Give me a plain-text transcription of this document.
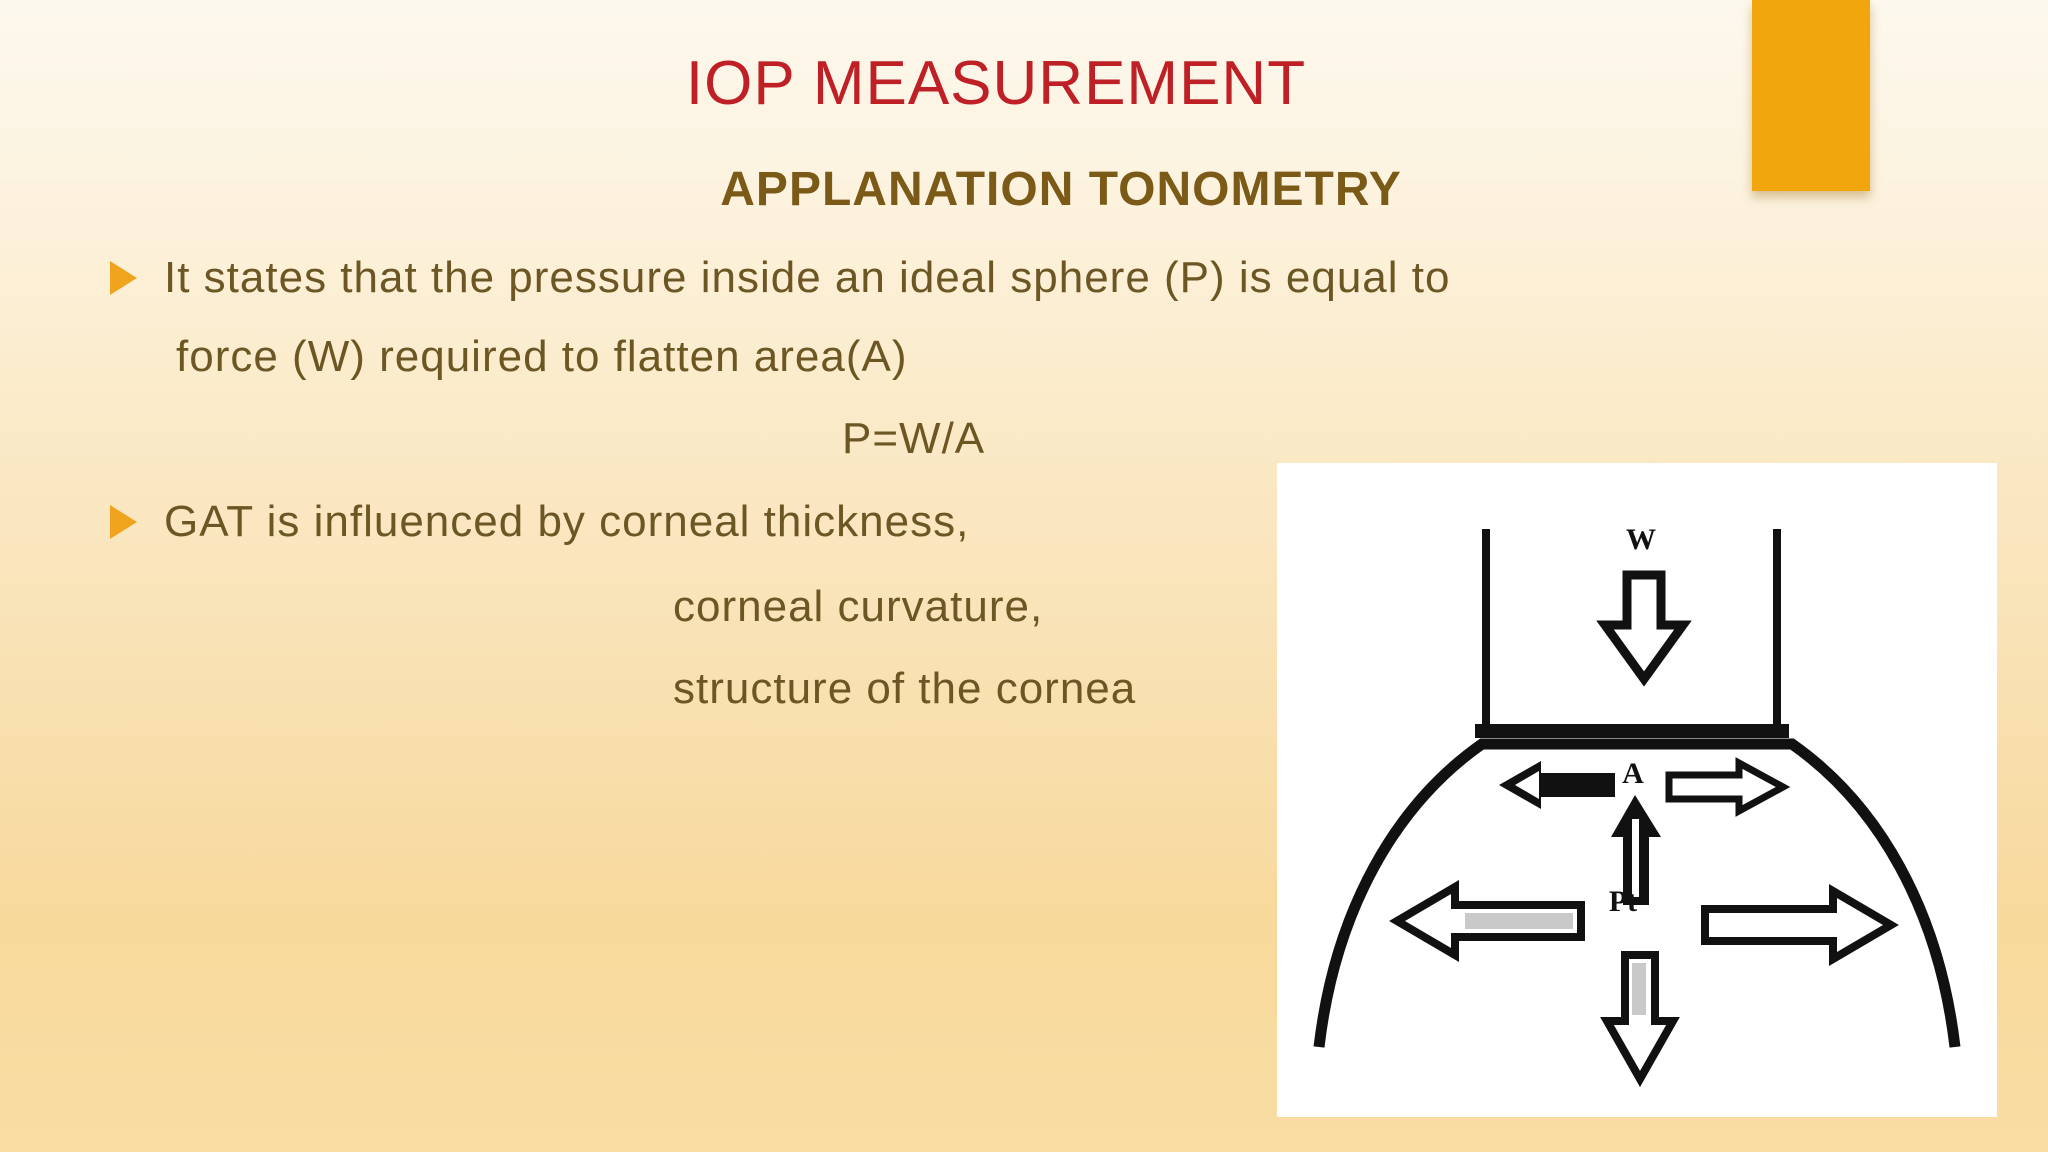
IOP MEASUREMENT
APPLANATION TONOMETRY
It states that the pressure inside an ideal sphere (P) is equal to
force (W) required to flatten area(A)
P=W/A
GAT is influenced by corneal thickness,
corneal curvature,
structure of the cornea
W
A
Pt
